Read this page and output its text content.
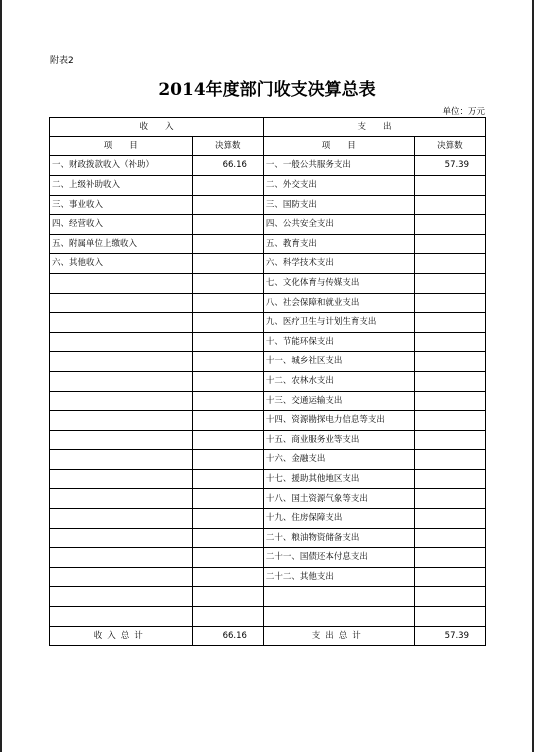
附表2
2014年度部门收支决算总表
单位：万元
收　　入		支　　出	
项　　目	决算数	项　　目	决算数
一、财政拨款收入（补助）	66.16	一、一般公共服务支出	57.39
二、上级补助收入		二、外交支出	
三、事业收入		三、国防支出	
四、经营收入		四、公共安全支出	
五、附属单位上缴收入		五、教育支出	
六、其他收入		六、科学技术支出	
		七、文化体育与传媒支出	
		八、社会保障和就业支出	
		九、医疗卫生与计划生育支出	
		十、节能环保支出	
		十一、城乡社区支出	
		十二、农林水支出	
		十三、交通运输支出	
		十四、资源勘探电力信息等支出	
		十五、商业服务业等支出	
		十六、金融支出	
		十七、援助其他地区支出	
		十八、国土资源气象等支出	
		十九、住房保障支出	
		二十、粮油物资储备支出	
		二十一、国债还本付息支出	
		二十二、其他支出	

收入总计	66.16	支出总计	57.39
